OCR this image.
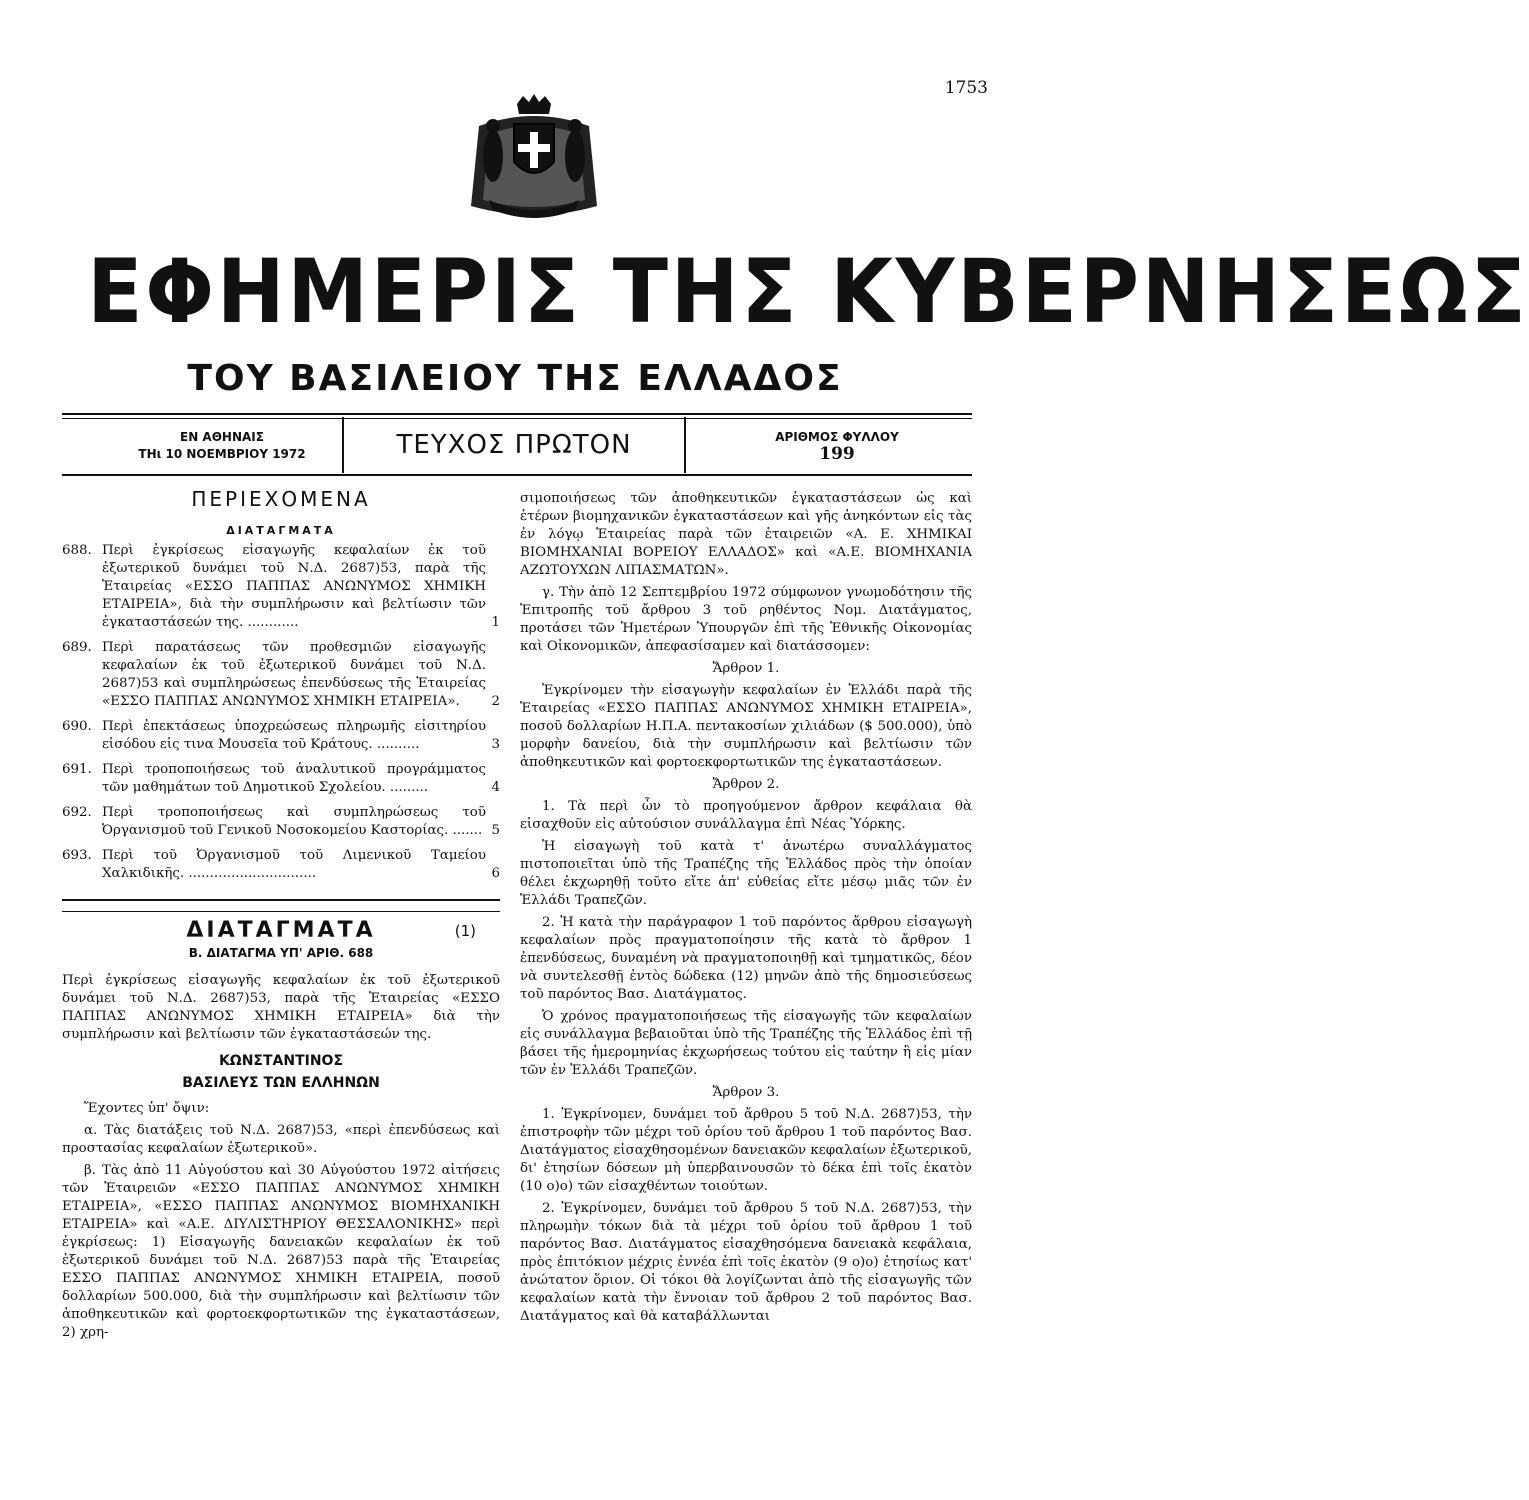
1753
ΕΦΗΜΕΡΙΣ ΤΗΣ ΚΥΒΕΡΝΗΣΕΩΣ
ΤΟΥ ΒΑΣΙΛΕΙΟΥ ΤΗΣ ΕΛΛΑΔΟΣ
ΕΝ ΑΘΗΝΑΙΣ
ΤΗι 10 ΝΟΕΜΒΡΙΟΥ 1972	ΤΕΥΧΟΣ ΠΡΩΤΟΝ	ΑΡΙΘΜΟΣ ΦΥΛΛΟΥ
199
ΠΕΡΙΕΧΟΜΕΝΑ
ΔΙΑΤΑΓΜΑΤΑ
688. Περὶ ἐγκρίσεως εἰσαγωγῆς κεφαλαίων ἐκ τοῦ ἐξωτερικοῦ δυνάμει τοῦ Ν.Δ. 2687)53, παρὰ τῆς Ἑταιρείας «ΕΣΣΟ ΠΑΠΠΑΣ ΑΝΩΝΥΜΟΣ ΧΗΜΙΚΗ ΕΤΑΙΡΕΙΑ», διὰ τὴν συμπλήρωσιν καὶ βελτίωσιν τῶν ἐγκαταστάσεών της. ............	1
689. Περὶ παρατάσεως τῶν προθεσμιῶν εἰσαγωγῆς κεφαλαίων ἐκ τοῦ ἐξωτερικοῦ δυνάμει τοῦ Ν.Δ. 2687)53 καὶ συμπληρώσεως ἐπενδύσεως τῆς Ἑταιρείας «ΕΣΣΟ ΠΑΠΠΑΣ ΑΝΩΝΥΜΟΣ ΧΗΜΙΚΗ ΕΤΑΙΡΕΙΑ».	2
690. Περὶ ἐπεκτάσεως ὑποχρεώσεως πληρωμῆς εἰσιτηρίου εἰσόδου εἰς τινα Μουσεῖα τοῦ Κράτους. ..........	3
691. Περὶ τροποποιήσεως τοῦ ἀναλυτικοῦ προγράμματος τῶν μαθημάτων τοῦ Δημοτικοῦ Σχολείου. .........	4
692. Περὶ τροποποιήσεως καὶ συμπληρώσεως τοῦ Ὀργανισμοῦ τοῦ Γενικοῦ Νοσοκομείου Καστορίας. ....... 5
693. Περὶ τοῦ Ὀργανισμοῦ τοῦ Λιμενικοῦ Ταμείου Χαλκιδικῆς. ..............................	6
ΔΙΑΤΑΓΜΑΤΑ	(1)
Β. ΔΙΑΤΑΓΜΑ ΥΠ' ΑΡΙΘ. 688

Περὶ ἐγκρίσεως εἰσαγωγῆς κεφαλαίων ἐκ τοῦ ἐξωτερικοῦ δυνάμει τοῦ Ν.Δ. 2687)53, παρὰ τῆς Ἑταιρείας «ΕΣΣΟ ΠΑΠΠΑΣ ΑΝΩΝΥΜΟΣ ΧΗΜΙΚΗ ΕΤΑΙΡΕΙΑ» διὰ τὴν συμπλήρωσιν καὶ βελτίωσιν τῶν ἐγκαταστάσεών της.

ΚΩΝΣΤΑΝΤΙΝΟΣ

ΒΑΣΙΛΕΥΣ ΤΩΝ ΕΛΛΗΝΩΝ

Ἔχοντες ὑπ' ὄψιν:

α. Τὰς διατάξεις τοῦ Ν.Δ. 2687)53, «περὶ ἐπενδύσεως καὶ προστασίας κεφαλαίων ἐξωτερικοῦ».

β. Τὰς ἀπὸ 11 Αὐγούστου καὶ 30 Αὐγούστου 1972 αἰτήσεις τῶν Ἑταιρειῶν «ΕΣΣΟ ΠΑΠΠΑΣ ΑΝΩΝΥΜΟΣ ΧΗΜΙΚΗ ΕΤΑΙΡΕΙΑ», «ΕΣΣΟ ΠΑΠΠΑΣ ΑΝΩΝΥΜΟΣ ΒΙΟΜΗΧΑΝΙΚΗ ΕΤΑΙΡΕΙΑ» καὶ «Α.Ε. ΔΙΥΛΙΣΤΗΡΙΟΥ ΘΕΣΣΑΛΟΝΙΚΗΣ» περὶ ἐγκρίσεως: 1) Εἰσαγωγῆς δανειακῶν κεφαλαίων ἐκ τοῦ ἐξωτερικοῦ δυνάμει τοῦ Ν.Δ. 2687)53 παρὰ τῆς Ἑταιρείας ΕΣΣΟ ΠΑΠΠΑΣ ΑΝΩΝΥΜΟΣ ΧΗΜΙΚΗ ΕΤΑΙΡΕΙΑ, ποσοῦ δολλαρίων 500.000, διὰ τὴν συμπλήρωσιν καὶ βελτίωσιν τῶν ἀποθηκευτικῶν καὶ φορτοεκφορτωτικῶν της ἐγκαταστάσεων, 2) χρη-

σιμοποιήσεως τῶν ἀποθηκευτικῶν ἐγκαταστάσεων ὡς καὶ ἑτέρων βιομηχανικῶν ἐγκαταστάσεων καὶ γῆς ἀνηκόντων εἰς τὰς ἐν λόγῳ Ἑταιρείας παρὰ τῶν ἑταιρειῶν «Α. Ε. ΧΗΜΙΚΑΙ ΒΙΟΜΗΧΑΝΙΑΙ ΒΟΡΕΙΟΥ ΕΛΛΑΔΟΣ» καὶ «Α.Ε. ΒΙΟΜΗΧΑΝΙΑ ΑΖΩΤΟΥΧΩΝ ΛΙΠΑΣΜΑΤΩΝ».

γ. Τὴν ἀπὸ 12 Σεπτεμβρίου 1972 σύμφωνον γνωμοδότησιν τῆς Ἐπιτροπῆς τοῦ ἄρθρου 3 τοῦ ρηθέντος Νομ. Διατάγματος, προτάσει τῶν Ἡμετέρων Ὑπουργῶν ἐπὶ τῆς Ἐθνικῆς Οἰκονομίας καὶ Οἰκονομικῶν, ἀπεφασίσαμεν καὶ διατάσσομεν:

Ἄρθρον 1.

Ἐγκρίνομεν τὴν εἰσαγωγὴν κεφαλαίων ἐν Ἑλλάδι παρὰ τῆς Ἑταιρείας «ΕΣΣΟ ΠΑΠΠΑΣ ΑΝΩΝΥΜΟΣ ΧΗΜΙΚΗ ΕΤΑΙΡΕΙΑ», ποσοῦ δολλαρίων Η.Π.Α. πεντακοσίων χιλιάδων ($ 500.000), ὑπὸ μορφὴν δανείου, διὰ τὴν συμπλήρωσιν καὶ βελτίωσιν τῶν ἀποθηκευτικῶν καὶ φορτοεκφορτωτικῶν της ἐγκαταστάσεων.

Ἄρθρον 2.

1. Τὰ περὶ ὧν τὸ προηγούμενον ἄρθρον κεφάλαια θὰ εἰσαχθοῦν εἰς αὐτούσιον συνάλλαγμα ἐπὶ Νέας Ὑόρκης.

Ἡ εἰσαγωγὴ τοῦ κατὰ τ' ἀνωτέρω συναλλάγματος πιστοποιεῖται ὑπὸ τῆς Τραπέζης τῆς Ἑλλάδος πρὸς τὴν ὁποίαν θέλει ἐκχωρηθῇ τοῦτο εἴτε ἀπ' εὐθείας εἴτε μέσῳ μιᾶς τῶν ἐν Ἑλλάδι Τραπεζῶν.

2. Ἡ κατὰ τὴν παράγραφον 1 τοῦ παρόντος ἄρθρου εἰσαγωγὴ κεφαλαίων πρὸς πραγματοποίησιν τῆς κατὰ τὸ ἄρθρον 1 ἐπενδύσεως, δυναμένη νὰ πραγματοποιηθῇ καὶ τμηματικῶς, δέον νὰ συντελεσθῇ ἐντὸς δώδεκα (12) μηνῶν ἀπὸ τῆς δημοσιεύσεως τοῦ παρόντος Βασ. Διατάγματος.

Ὁ χρόνος πραγματοποιήσεως τῆς εἰσαγωγῆς τῶν κεφαλαίων εἰς συνάλλαγμα βεβαιοῦται ὑπὸ τῆς Τραπέζης τῆς Ἑλλάδος ἐπὶ τῇ βάσει τῆς ἡμερομηνίας ἐκχωρήσεως τούτου εἰς ταύτην ἢ εἰς μίαν τῶν ἐν Ἑλλάδι Τραπεζῶν.

Ἄρθρον 3.

1. Ἐγκρίνομεν, δυνάμει τοῦ ἄρθρου 5 τοῦ Ν.Δ. 2687)53, τὴν ἐπιστροφὴν τῶν μέχρι τοῦ ὁρίου τοῦ ἄρθρου 1 τοῦ παρόντος Βασ. Διατάγματος εἰσαχθησομένων δανειακῶν κεφαλαίων ἐξωτερικοῦ, δι' ἐτησίων δόσεων μὴ ὑπερβαινουσῶν τὸ δέκα ἐπὶ τοῖς ἑκατὸν (10 ο)ο) τῶν εἰσαχθέντων τοιούτων.

2. Ἐγκρίνομεν, δυνάμει τοῦ ἄρθρου 5 τοῦ Ν.Δ. 2687)53, τὴν πληρωμὴν τόκων διὰ τὰ μέχρι τοῦ ὁρίου τοῦ ἄρθρου 1 τοῦ παρόντος Βασ. Διατάγματος εἰσαχθησόμενα δανειακὰ κεφάλαια, πρὸς ἐπιτόκιον μέχρις ἐννέα ἐπὶ τοῖς ἑκατὸν (9 ο)ο) ἐτησίως κατ' ἀνώτατον ὅριον. Οἱ τόκοι θὰ λογίζωνται ἀπὸ τῆς εἰσαγωγῆς τῶν κεφαλαίων κατὰ τὴν ἔννοιαν τοῦ ἄρθρου 2 τοῦ παρόντος Βασ. Διατάγματος καὶ θὰ καταβάλλωνται
